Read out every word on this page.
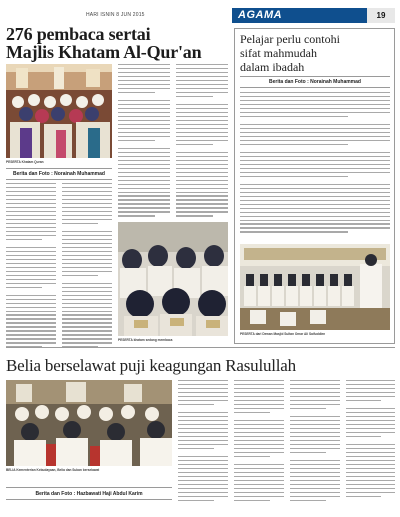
HARI ISNIN 8 JUN 2015	AGAMA	19
276 pembaca sertai
Majlis Khatam Al-Qur'an
PESERTA Khatam Quran
Berita dan Foto : Norainah Muhammad
PESERTA khatam sedang membaca
Pelajar perlu contohi
sifat mahmudah
dalam ibadah
Berita dan Foto : Norainah Muhammad
PESERTA dari Dewan Masjid Sultan Omar Ali Saifuddien
Belia berselawat puji keagungan Rasulullah
BELIA Kementerian Kebudayaan, Belia dan Sukan berselawat
Berita dan Foto : Hazbawati Haji Abdul Karim
